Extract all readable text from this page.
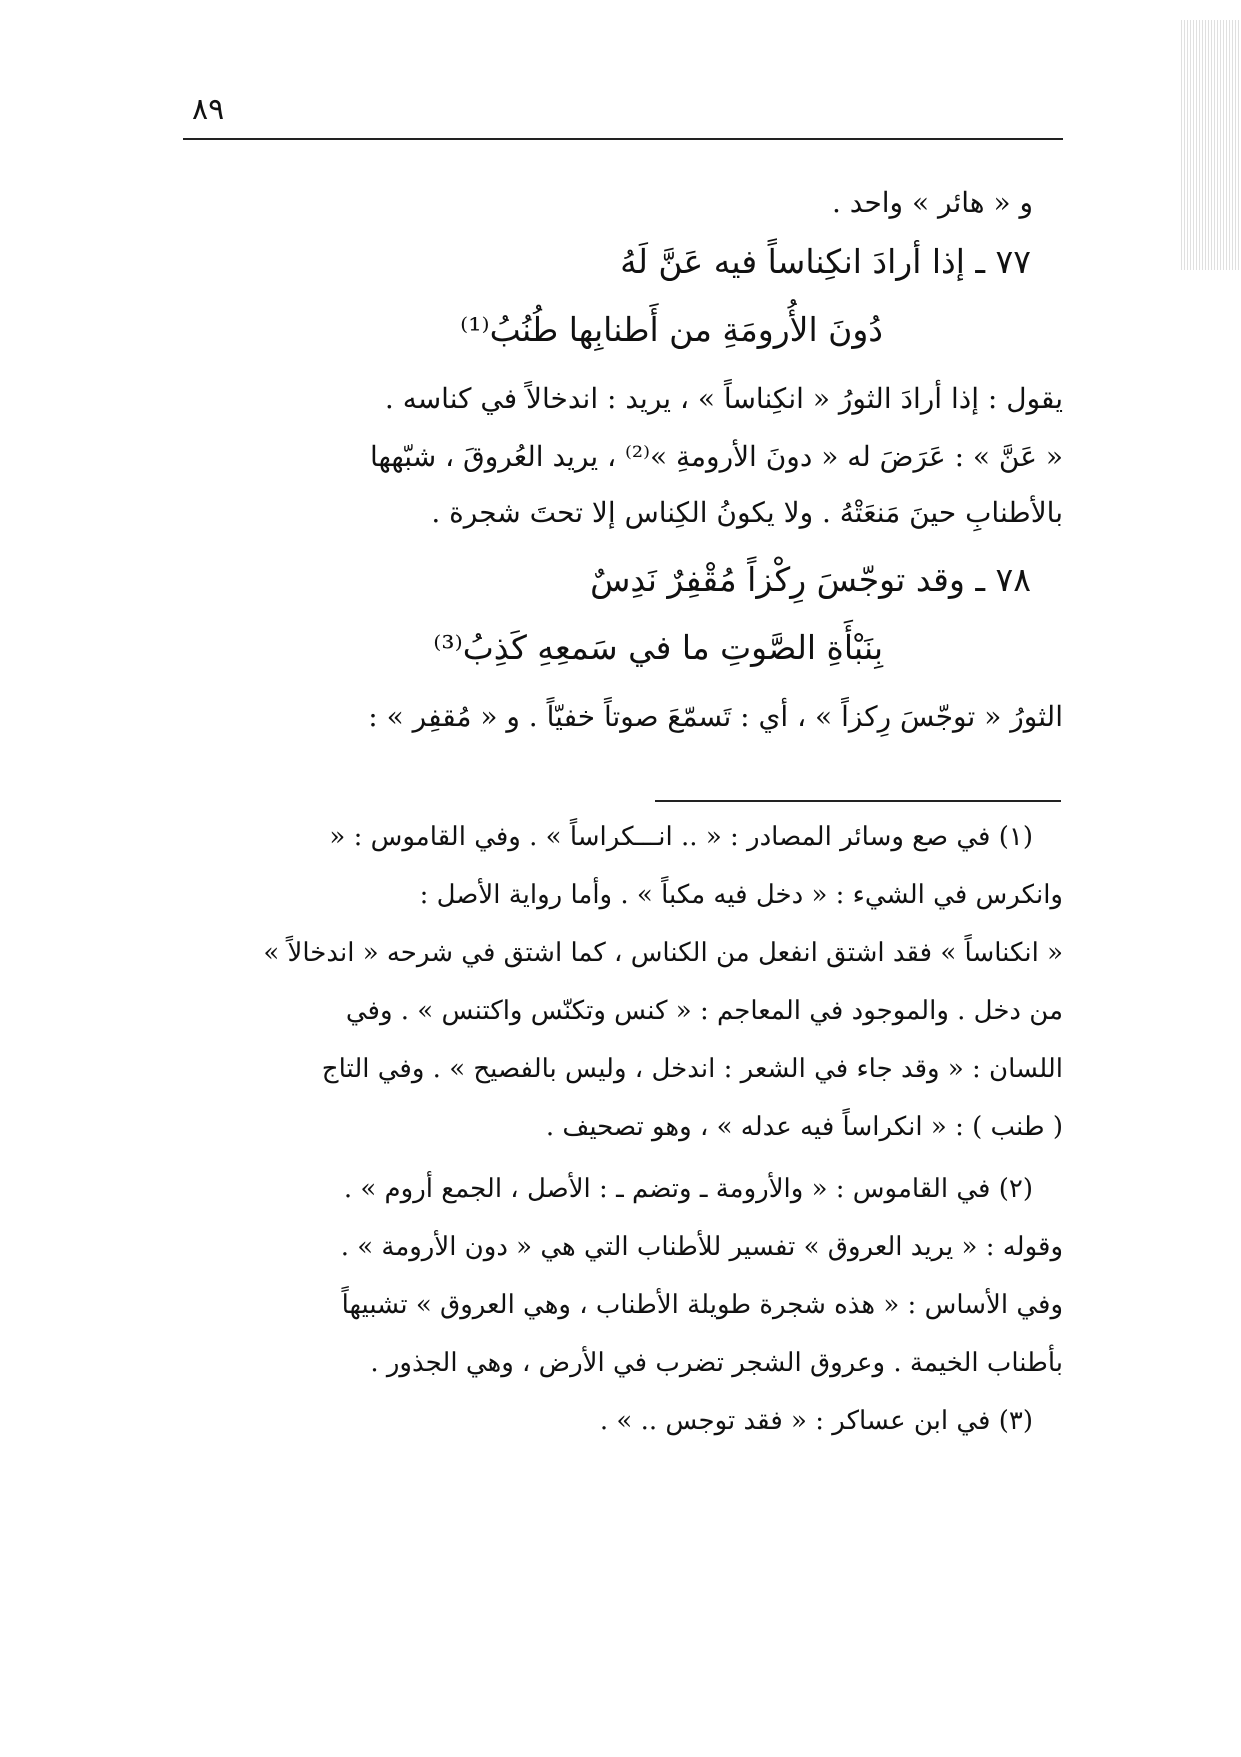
٨٩
و « هائر » واحد .
٧٧ ـ إذا أرادَ انكِناساً فيه عَنَّ لَهُ
دُونَ الأُرومَةِ من أَطنابِها طُنُبُ⁽¹⁾
يقول : إذا أرادَ الثورُ « انكِناساً » ، يريد : اندخالاً في كناسه .
« عَنَّ » : عَرَضَ له « دونَ الأرومةِ »⁽²⁾ ، يريد العُروقَ ، شبّهها
بالأطنابِ حينَ مَنعَتْهُ . ولا يكونُ الكِناس إلا تحتَ شجرة .
٧٨ ـ وقد توجّسَ رِكْزاً مُقْفِرٌ نَدِسٌ
بِنَبْأَةِ الصَّوتِ ما في سَمعِهِ كَذِبُ⁽³⁾
الثورُ « توجّسَ رِكزاً » ، أي : تَسمّعَ صوتاً خفيّاً . و « مُقفِر » :
(١) في صع وسائر المصادر : « .. انـــكراساً » . وفي القاموس : «
وانكرس في الشيء : « دخل فيه مكباً » . وأما رواية الأصل :
« انكناساً » فقد اشتق انفعل من الكناس ، كما اشتق في شرحه « اندخالاً »
من دخل . والموجود في المعاجم : « كنس وتكنّس واكتنس » . وفي
اللسان : « وقد جاء في الشعر : اندخل ، وليس بالفصيح » . وفي التاج
( طنب ) : « انكراساً فيه عدله » ، وهو تصحيف .
(٢) في القاموس : « والأرومة ـ وتضم ـ : الأصل ، الجمع أروم » .
وقوله : « يريد العروق » تفسير للأطناب التي هي « دون الأرومة » .
وفي الأساس : « هذه شجرة طويلة الأطناب ، وهي العروق » تشبيهاً
بأطناب الخيمة . وعروق الشجر تضرب في الأرض ، وهي الجذور .
(٣) في ابن عساكر : « فقد توجس .. » .
